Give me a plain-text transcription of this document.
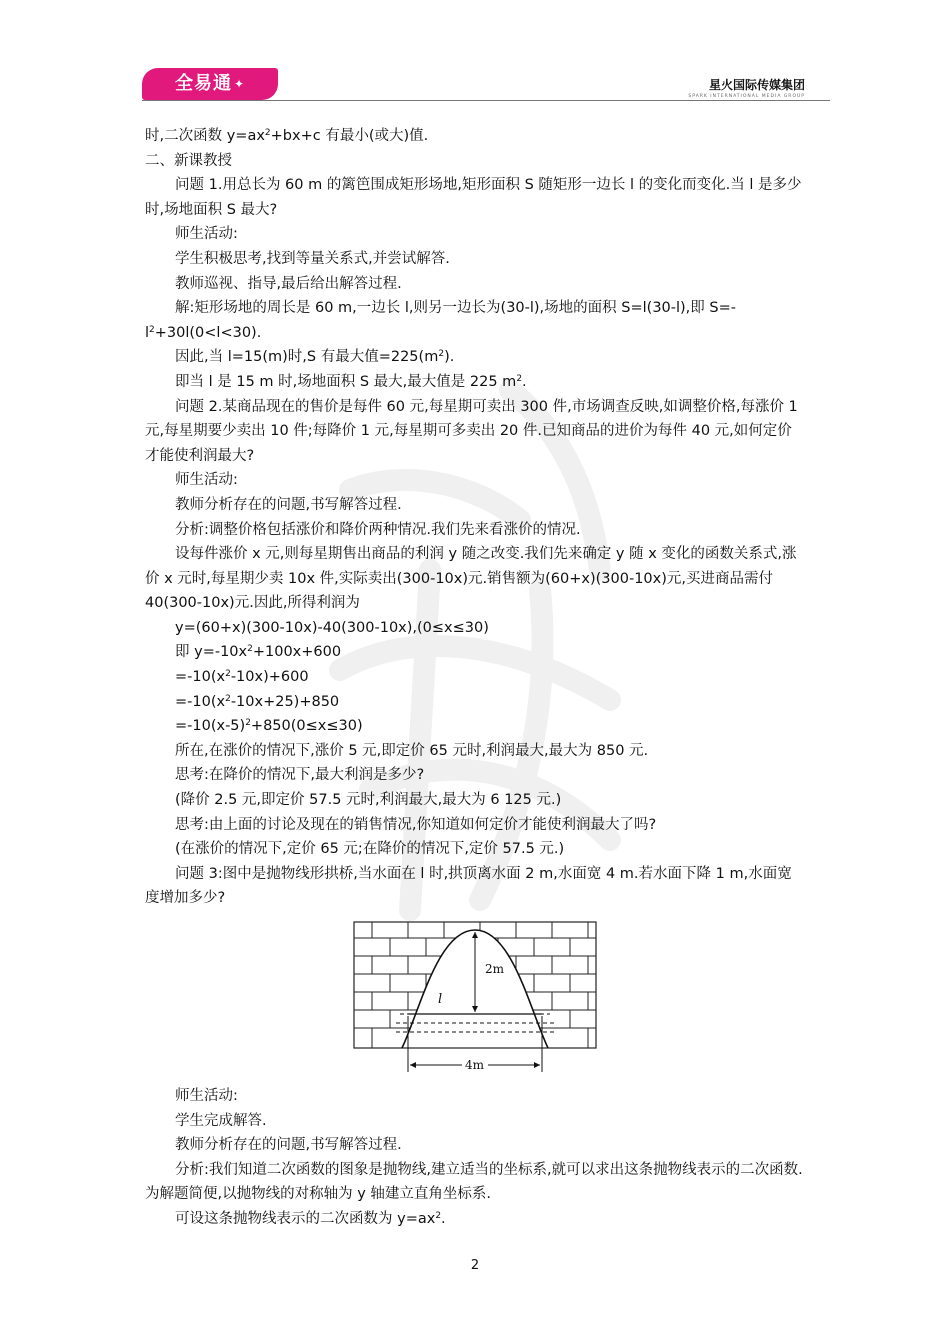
全易通 ✦	星火国际传媒集团
SPARK INTERNATIONAL MEDIA GROUP

时,二次函数 $y=ax^2+bx+c$ 有最小(或大)值.

二、新课教授

问题 1.用总长为 60 m 的篱笆围成矩形场地,矩形面积 S 随矩形一边长 l 的变化而变化.当 l 是多少时,场地面积 S 最大?

师生活动:

学生积极思考,找到等量关系式,并尝试解答.

教师巡视、指导,最后给出解答过程.

解:矩形场地的周长是 60 m,一边长 l,则另一边长为(30-l),场地的面积 S=l(30-l),即 $S=-l^2+30l(0<l<30)$.

因此,当 l=15(m)时,S 有最大值$=225(m^2)$.

即当 l 是 15 m 时,场地面积 S 最大,最大值是 225 $m^2$.

问题 2.某商品现在的售价是每件 60 元,每星期可卖出 300 件,市场调查反映,如调整价格,每涨价 1 元,每星期要少卖出 10 件;每降价 1 元,每星期可多卖出 20 件.已知商品的进价为每件 40 元,如何定价才能使利润最大?

师生活动:

教师分析存在的问题,书写解答过程.

分析:调整价格包括涨价和降价两种情况.我们先来看涨价的情况.

设每件涨价 x 元,则每星期售出商品的利润 y 随之改变.我们先来确定 y 随 x 变化的函数关系式,涨价 x 元时,每星期少卖 10x 件,实际卖出(300-10x)元.销售额为(60+x)(300-10x)元,买进商品需付 40(300-10x)元.因此,所得利润为

y=(60+x)(300-10x)-40(300-10x),(0≤x≤30)

即 $y=-10x^2+100x+600$

$=-10(x^2-10x)+600$

$=-10(x^2-10x+25)+850$

$=-10(x-5)^2+850(0\le x\le 30)$

所在,在涨价的情况下,涨价 5 元,即定价 65 元时,利润最大,最大为 850 元.

思考:在降价的情况下,最大利润是多少?

(降价 2.5 元,即定价 57.5 元时,利润最大,最大为 6 125 元.)

思考:由上面的讨论及现在的销售情况,你知道如何定价才能使利润最大了吗?

(在涨价的情况下,定价 65 元;在降价的情况下,定价 57.5 元.)

问题 3:图中是抛物线形拱桥,当水面在 l 时,拱顶离水面 2 m,水面宽 4 m.若水面下降 1 m,水面宽度增加多少?

师生活动:

学生完成解答.

教师分析存在的问题,书写解答过程.

分析:我们知道二次函数的图象是抛物线,建立适当的坐标系,就可以求出这条抛物线表示的二次函数.为解题简便,以抛物线的对称轴为 y 轴建立直角坐标系.

可设这条抛物线表示的二次函数为 $y=ax^2$.

2m
l
4m
2
